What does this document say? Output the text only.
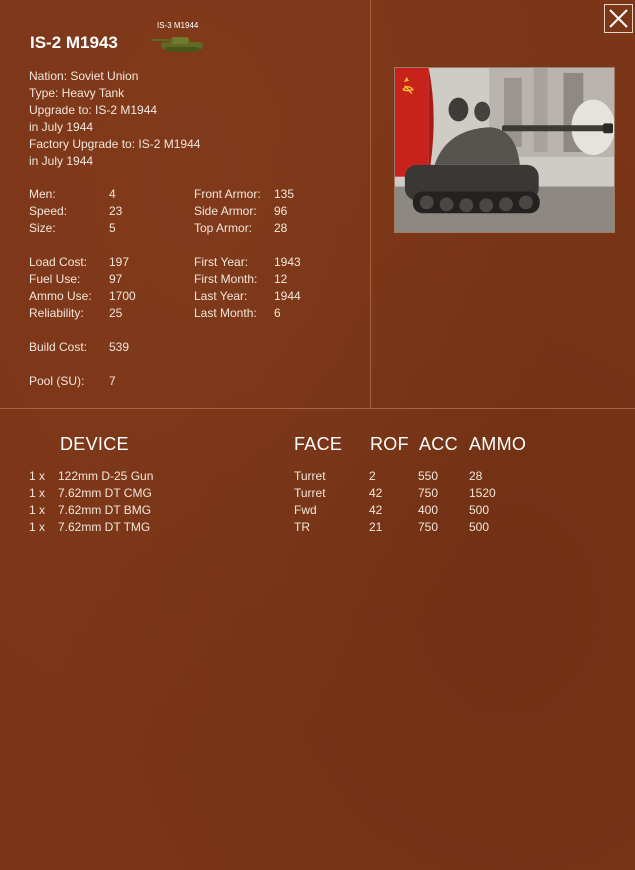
IS-2 M1943
IS-3 M1944
Nation: Soviet Union
Type: Heavy Tank
Upgrade to: IS-2 M1944
in July 1944
Factory Upgrade to: IS-2 M1944
in July 1944
Men:	4
Speed:	23
Size:	5
Front Armor: 135
Side Armor: 96
Top Armor: 28
Load Cost: 197
Fuel Use: 97
Ammo Use: 1700
Reliability: 25
First Year: 1943
First Month: 12
Last Year: 1944
Last Month: 6
Build Cost: 539
Pool (SU): 7
DEVICE	FACE ROF ACC AMMO
1 x 122mm D-25 Gun	Turret	2	550	28
1 x 7.62mm DT CMG	Turret	42	750	1520
1 x 7.62mm DT BMG	Fwd	42	400	500
1 x 7.62mm DT TMG	TR	21	750	500
